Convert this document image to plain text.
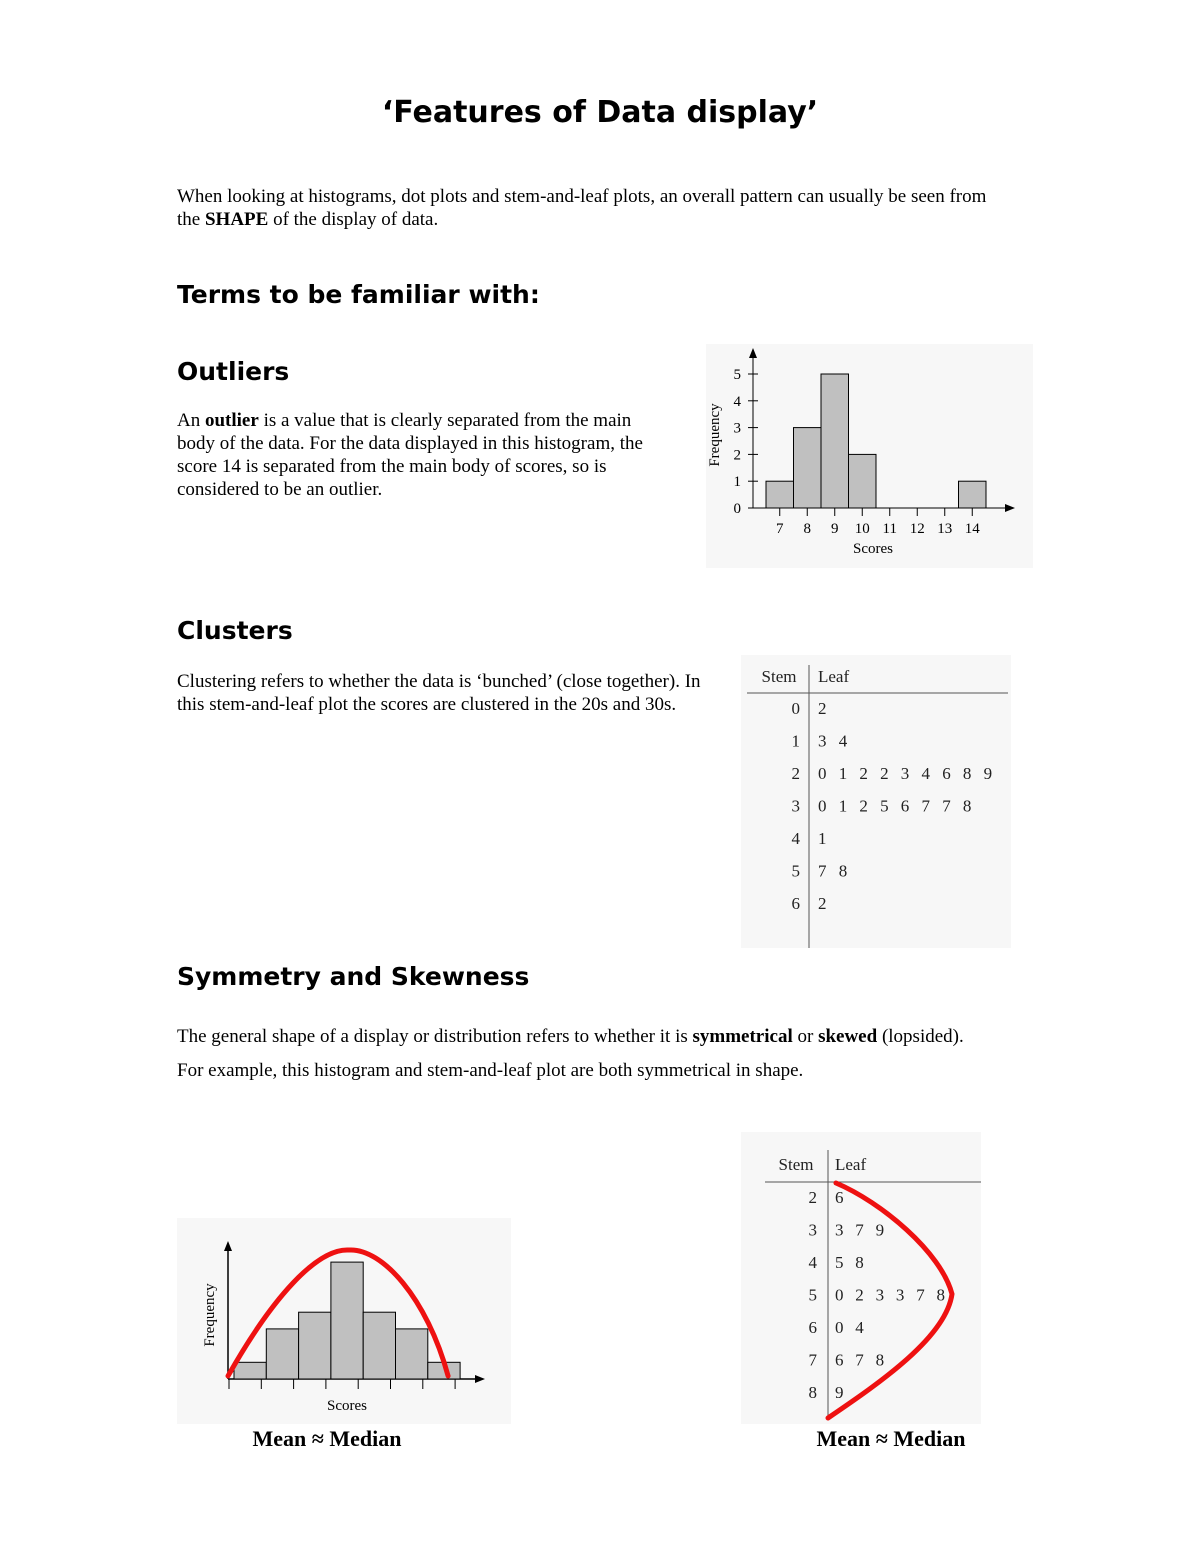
‘Features of Data display’
When looking at histograms, dot plots and stem-and-leaf plots, an overall pattern can usually be seen from
the SHAPE of the display of data.
Terms to be familiar with:
Outliers
An outlier is a value that is clearly separated from the main body of the data. For the data displayed in this histogram, the score 14 is separated from the main body of scores, so is considered to be an outlier.
0
1
2
3
4
5
7 8 9 10 11 12 13 14
Scores
Frequency
Clusters
Clustering refers to whether the data is ‘bunched’ (close together). In this stem-and-leaf plot the scores are clustered in the 20s and 30s.
Stem Leaf
0 2
1 3 4
2 0 1 2 2 3 4 6 8 9
3 0 1 2 5 6 7 7 8
4 1
5 7 8
6 2
Symmetry and Skewness
The general shape of a display or distribution refers to whether it is symmetrical or skewed (lopsided).
For example, this histogram and stem-and-leaf plot are both symmetrical in shape.
Scores
Frequency
Mean ≈ Median
Stem Leaf
2 6
3 3 7 9
4 5 8
5 0 2 3 3 7 8
6 0 4
7 6 7 8
8 9
Mean ≈ Median
